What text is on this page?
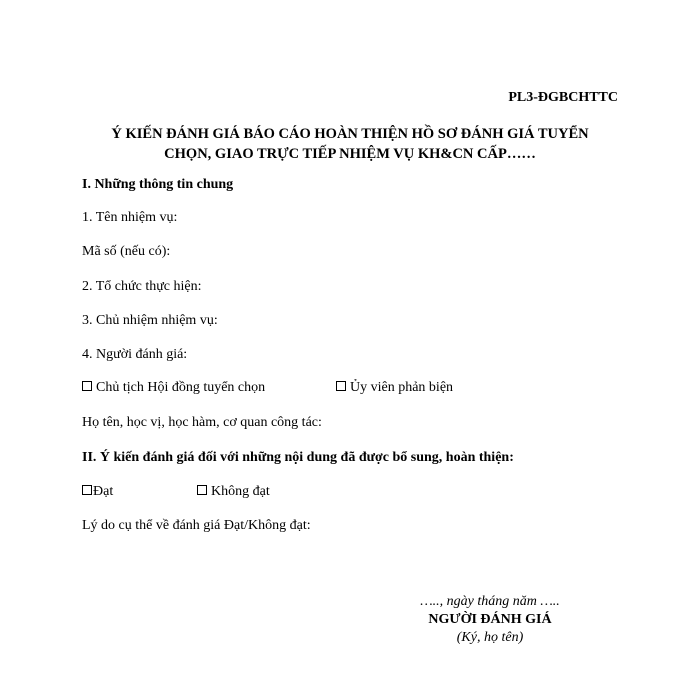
PL3-ĐGBCHTTC
Ý KIẾN ĐÁNH GIÁ BÁO CÁO HOÀN THIỆN HỒ SƠ ĐÁNH GIÁ TUYỂN
CHỌN, GIAO TRỰC TIẾP NHIỆM VỤ KH&CN CẤP……
I. Những thông tin chung
1. Tên nhiệm vụ:
Mã số (nếu có):
2. Tổ chức thực hiện:
3. Chủ nhiệm nhiệm vụ:
4. Người đánh giá:
Chủ tịch Hội đồng tuyển chọn	Ủy viên phản biện
Họ tên, học vị, học hàm, cơ quan công tác:
II. Ý kiến đánh giá đối với những nội dung đã được bổ sung, hoàn thiện:
Đạt	Không đạt
Lý do cụ thể về đánh giá Đạt/Không đạt:
….., ngày tháng năm …..
NGƯỜI ĐÁNH GIÁ
(Ký, họ tên)
